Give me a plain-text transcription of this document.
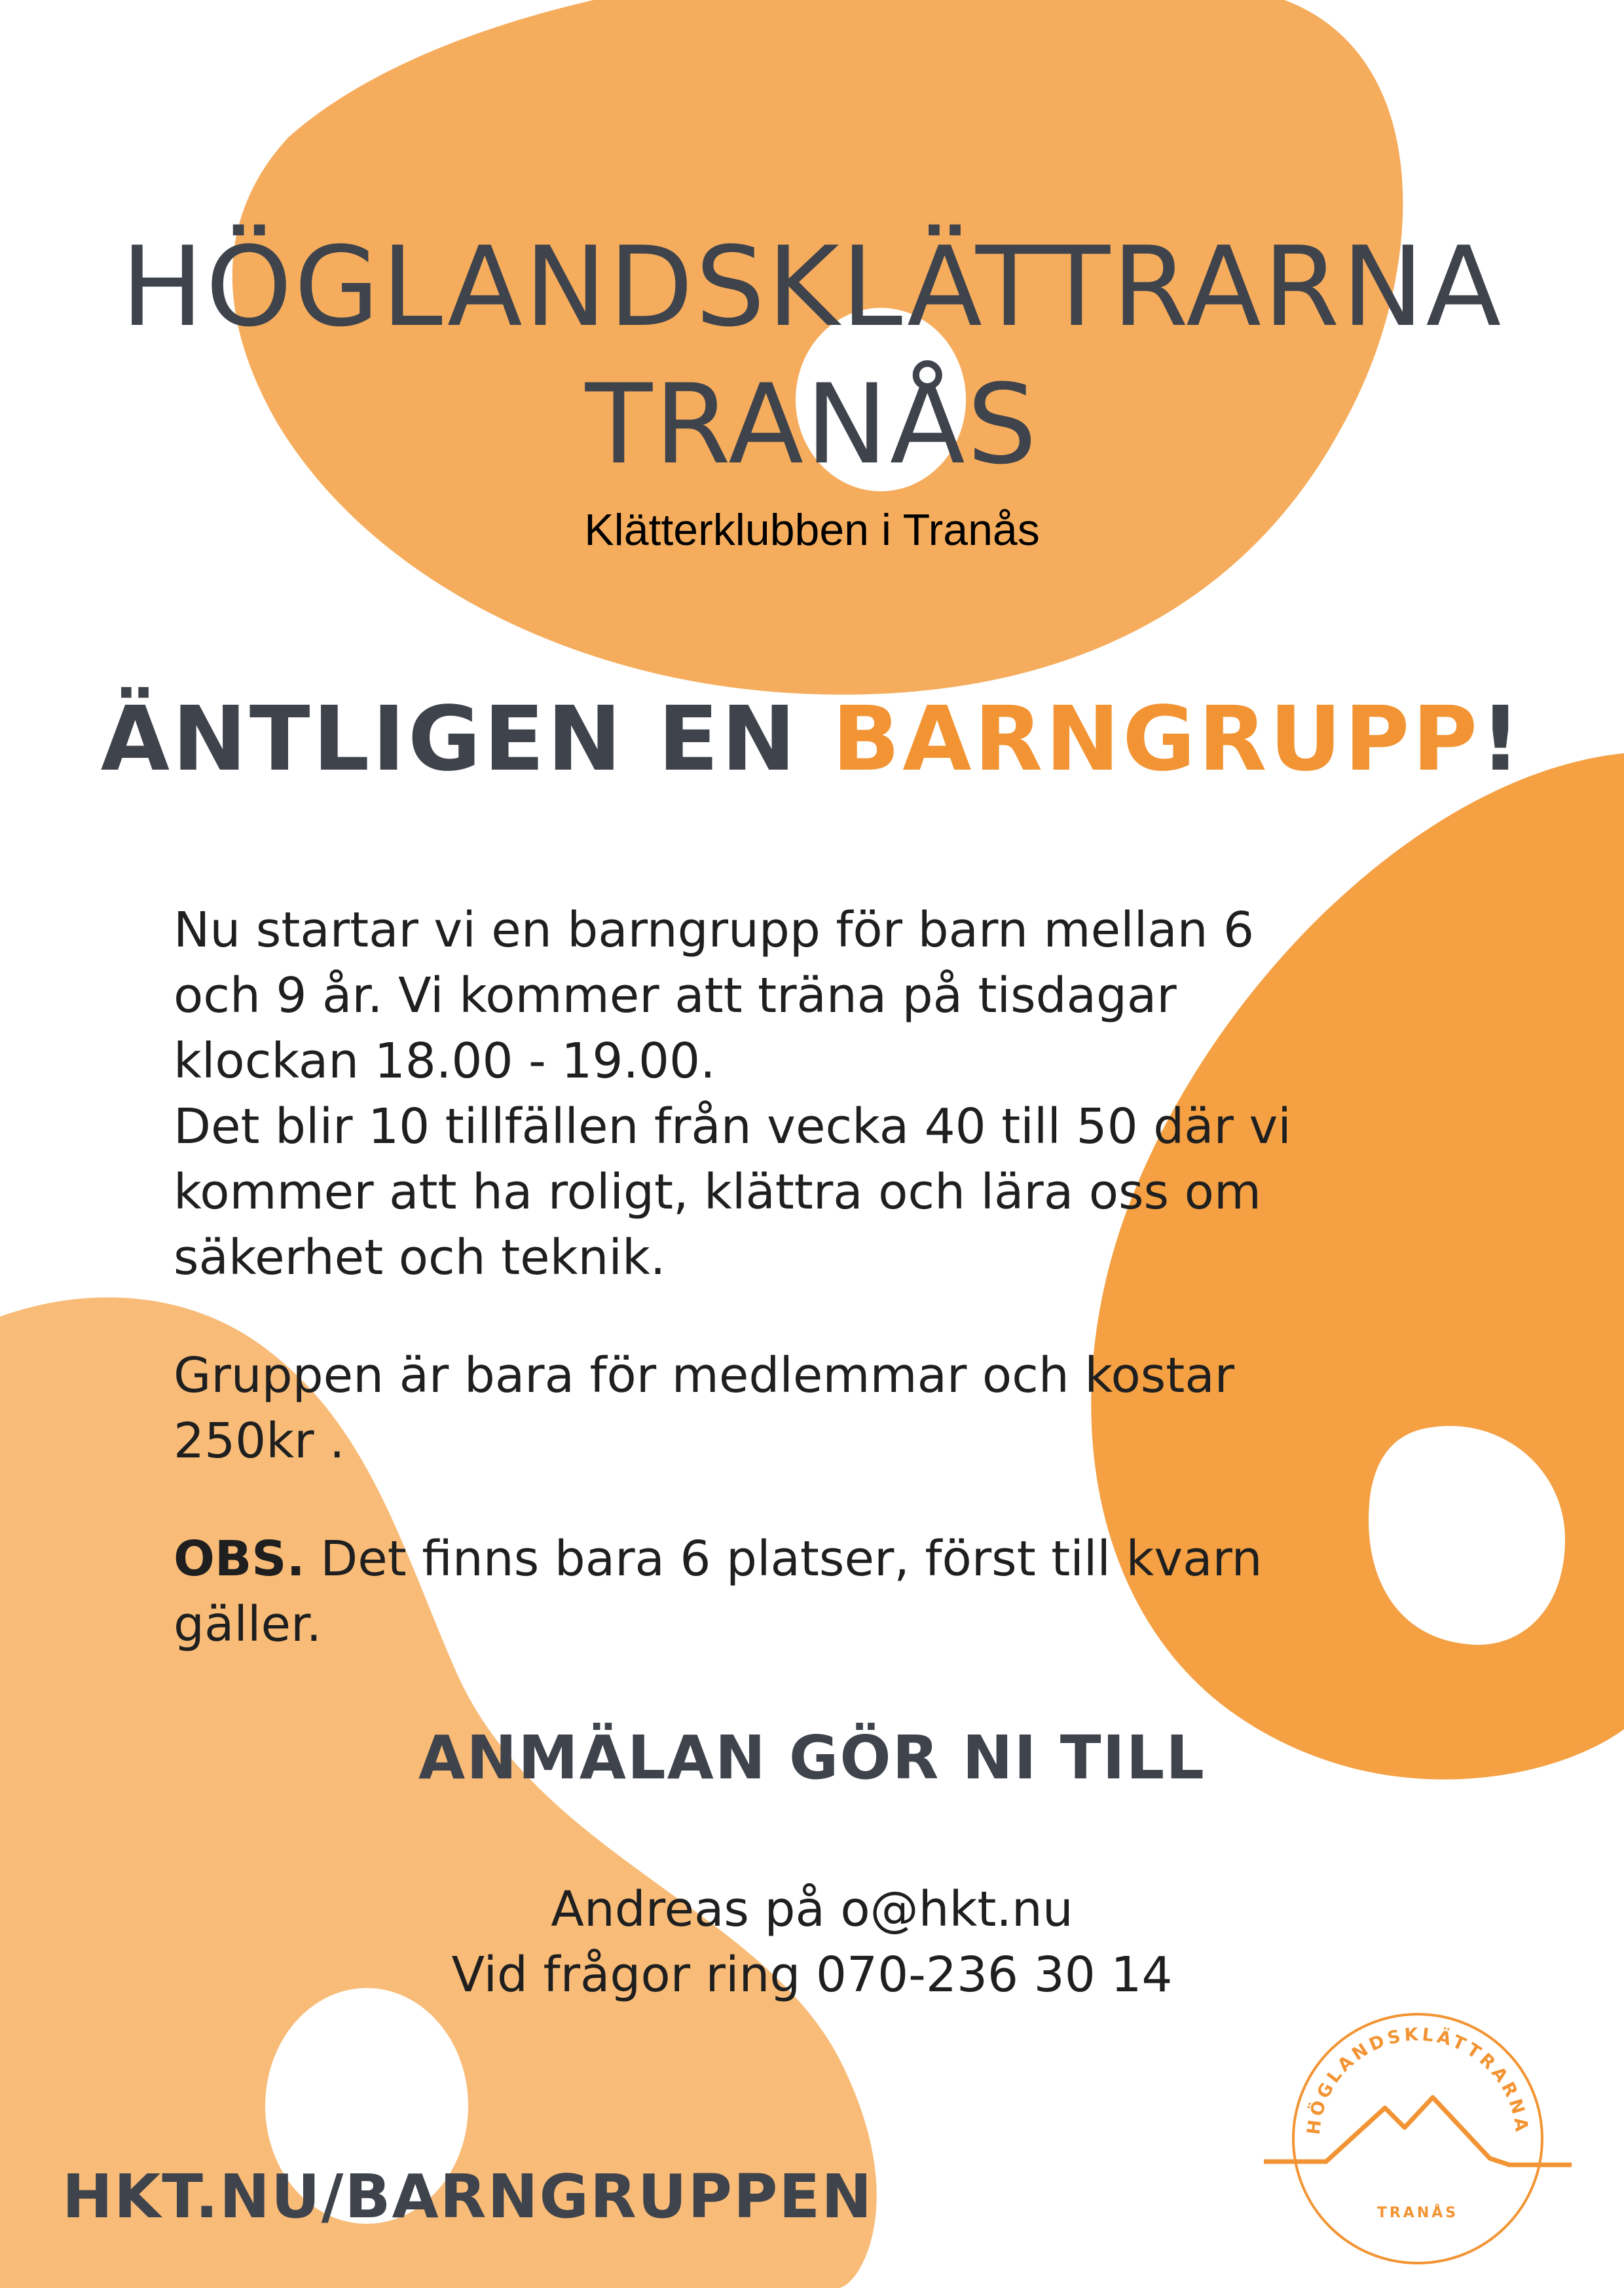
HÖGLANDSKLÄTTRARNA
TRANÅS
Klätterklubben i Tranås
ÄNTLIGEN EN BARNGRUPP!

Nu startar vi en barngrupp för barn mellan 6

och 9 år. Vi kommer att träna på tisdagar

klockan 18.00 - 19.00.

Det blir 10 tillfällen från vecka 40 till 50 där vi

kommer att ha roligt, klättra och lära oss om

säkerhet och teknik.

Gruppen är bara för medlemmar och kostar

250kr .

OBS. Det finns bara 6 platser, först till kvarn

gäller.

ANMÄLAN GÖR NI TILL
Andreas på o@hkt.nu
Vid frågor ring 070-236 30 14
HKT.NU/BARNGRUPPEN
HÖGLANDSKLÄTTRARNA
TRANÅS
